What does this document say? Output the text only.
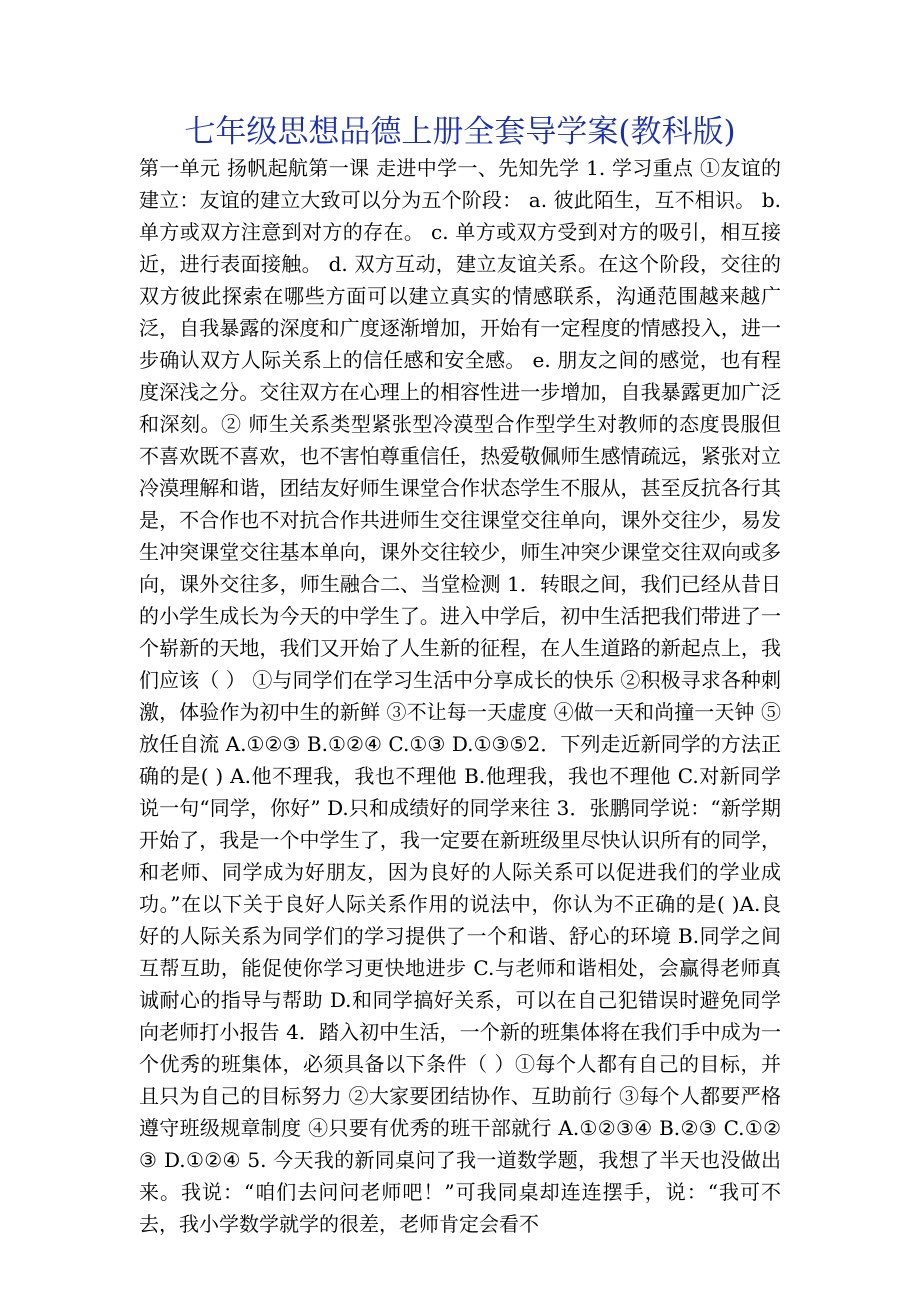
七年级思想品德上册全套导学案(教科版)

第一单元 扬帆起航第一课 走进中学一、先知先学 1. 学习重点 ①友谊的建立：友谊的建立大致可以分为五个阶段： a. 彼此陌生，互不相识。 b.单方或双方注意到对方的存在。 c. 单方或双方受到对方的吸引，相互接近，进行表面接触。 d. 双方互动，建立友谊关系。在这个阶段，交往的双方彼此探索在哪些方面可以建立真实的情感联系，沟通范围越来越广泛，自我暴露的深度和广度逐渐增加，开始有一定程度的情感投入，进一步确认双方人际关系上的信任感和安全感。 e. 朋友之间的感觉，也有程度深浅之分。交往双方在心理上的相容性进一步增加，自我暴露更加广泛和深刻。② 师生关系类型紧张型冷漠型合作型学生对教师的态度畏服但不喜欢既不喜欢，也不害怕尊重信任，热爱敬佩师生感情疏远，紧张对立冷漠理解和谐，团结友好师生课堂合作状态学生不服从，甚至反抗各行其是，不合作也不对抗合作共进师生交往课堂交往单向，课外交往少，易发生冲突课堂交往基本单向，课外交往较少，师生冲突少课堂交往双向或多向，课外交往多，师生融合二、当堂检测 1．转眼之间，我们已经从昔日的小学生成长为今天的中学生了。进入中学后，初中生活把我们带进了一个崭新的天地，我们又开始了人生新的征程，在人生道路的新起点上，我们应该（ ） ①与同学们在学习生活中分享成长的快乐 ②积极寻求各种刺激，体验作为初中生的新鲜 ③不让每一天虚度 ④做一天和尚撞一天钟 ⑤放任自流 A.①②③ B.①②④ C.①③ D.①③⑤2．下列走近新同学的方法正确的是( ) A.他不理我，我也不理他 B.他理我，我也不理他 C.对新同学说一句“同学，你好” D.只和成绩好的同学来往 3．张鹏同学说：“新学期开始了，我是一个中学生了，我一定要在新班级里尽快认识所有的同学，和老师、同学成为好朋友，因为良好的人际关系可以促进我们的学业成功。”在以下关于良好人际关系作用的说法中，你认为不正确的是( )A.良好的人际关系为同学们的学习提供了一个和谐、舒心的环境 B.同学之间互帮互助，能促使你学习更快地进步 C.与老师和谐相处，会赢得老师真诚耐心的指导与帮助 D.和同学搞好关系，可以在自己犯错误时避免同学向老师打小报告 4．踏入初中生活，一个新的班集体将在我们手中成为一个优秀的班集体，必须具备以下条件（ ）①每个人都有自己的目标，并且只为自己的目标努力 ②大家要团结协作、互助前行 ③每个人都要严格遵守班级规章制度 ④只要有优秀的班干部就行 A.①②③④ B.②③ C.①②③ D.①②④ 5. 今天我的新同桌问了我一道数学题，我想了半天也没做出来。我说：“咱们去问问老师吧！”可我同桌却连连摆手，说：“我可不去，我小学数学就学的很差，老师肯定会看不
